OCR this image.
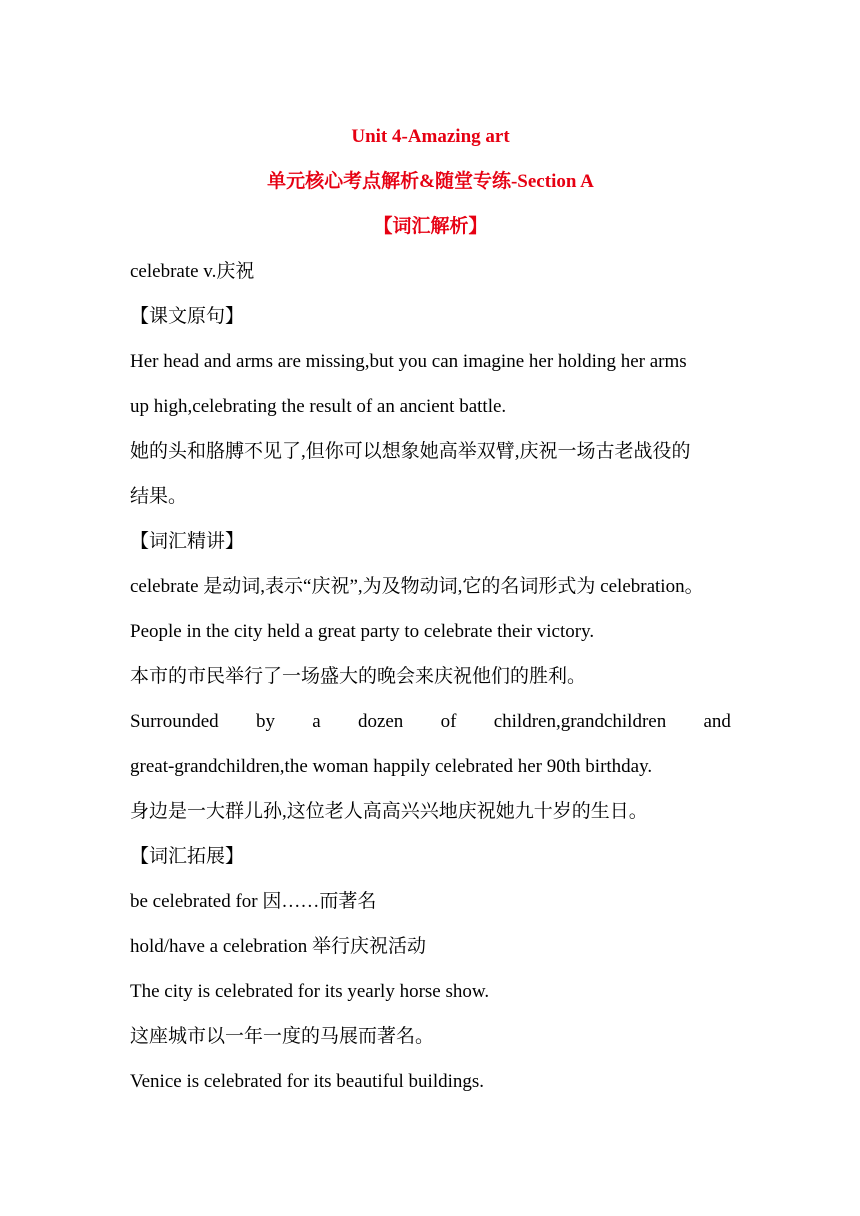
Unit 4-Amazing art
单元核心考点解析&随堂专练-Section A
【词汇解析】
celebrate v.庆祝
【课文原句】
Her head and arms are missing,but you can imagine her holding her arms
up high,celebrating the result of an ancient battle.
她的头和胳膊不见了,但你可以想象她高举双臂,庆祝一场古老战役的
结果。
【词汇精讲】
celebrate 是动词,表示“庆祝”,为及物动词,它的名词形式为 celebration。
People in the city held a great party to celebrate their victory.
本市的市民举行了一场盛大的晚会来庆祝他们的胜利。
Surrounded by a dozen of children,grandchildren and
great-grandchildren,the woman happily celebrated her 90th birthday.
身边是一大群儿孙,这位老人高高兴兴地庆祝她九十岁的生日。
【词汇拓展】
be celebrated for 因……而著名
hold/have a celebration 举行庆祝活动
The city is celebrated for its yearly horse show.
这座城市以一年一度的马展而著名。
Venice is celebrated for its beautiful buildings.
